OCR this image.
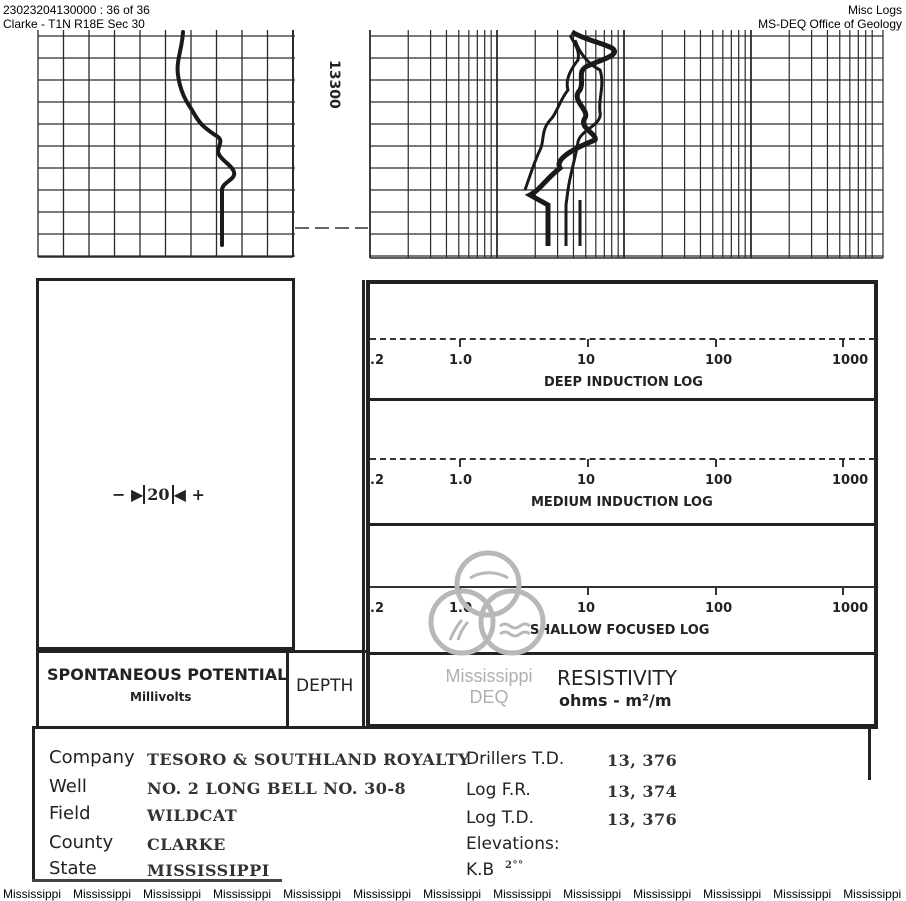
23023204130000 : 36 of 36
Clarke - T1N R18E Sec 30
Misc Logs
MS-DEQ Office of Geology
13300
− ▶ 20 ◀ +
.2	1.0	10	100	1000
DEEP INDUCTION LOG
.2	1.0	10	100	1000
MEDIUM INDUCTION LOG
.2	1.0	10	100	1000
SHALLOW FOCUSED LOG
SPONTANEOUS POTENTIAL
Millivolts
DEPTH	RESISTIVITY
ohms - m²/m
Mississippi
DEQ
Company TESORO & SOUTHLAND ROYALTY
Well	NO. 2 LONG BELL NO. 30-8
Field	WILDCAT
County CLARKE
State	MISSISSIPPI
Drillers T.D.	13, 376
Log F.R.	13, 374
Log T.D.	13, 376
Elevations:
K.B 2°°
Mississippi Mississippi Mississippi Mississippi Mississippi Mississippi Mississippi Mississippi Mississippi Mississippi Mississippi Mississippi Mississippi
